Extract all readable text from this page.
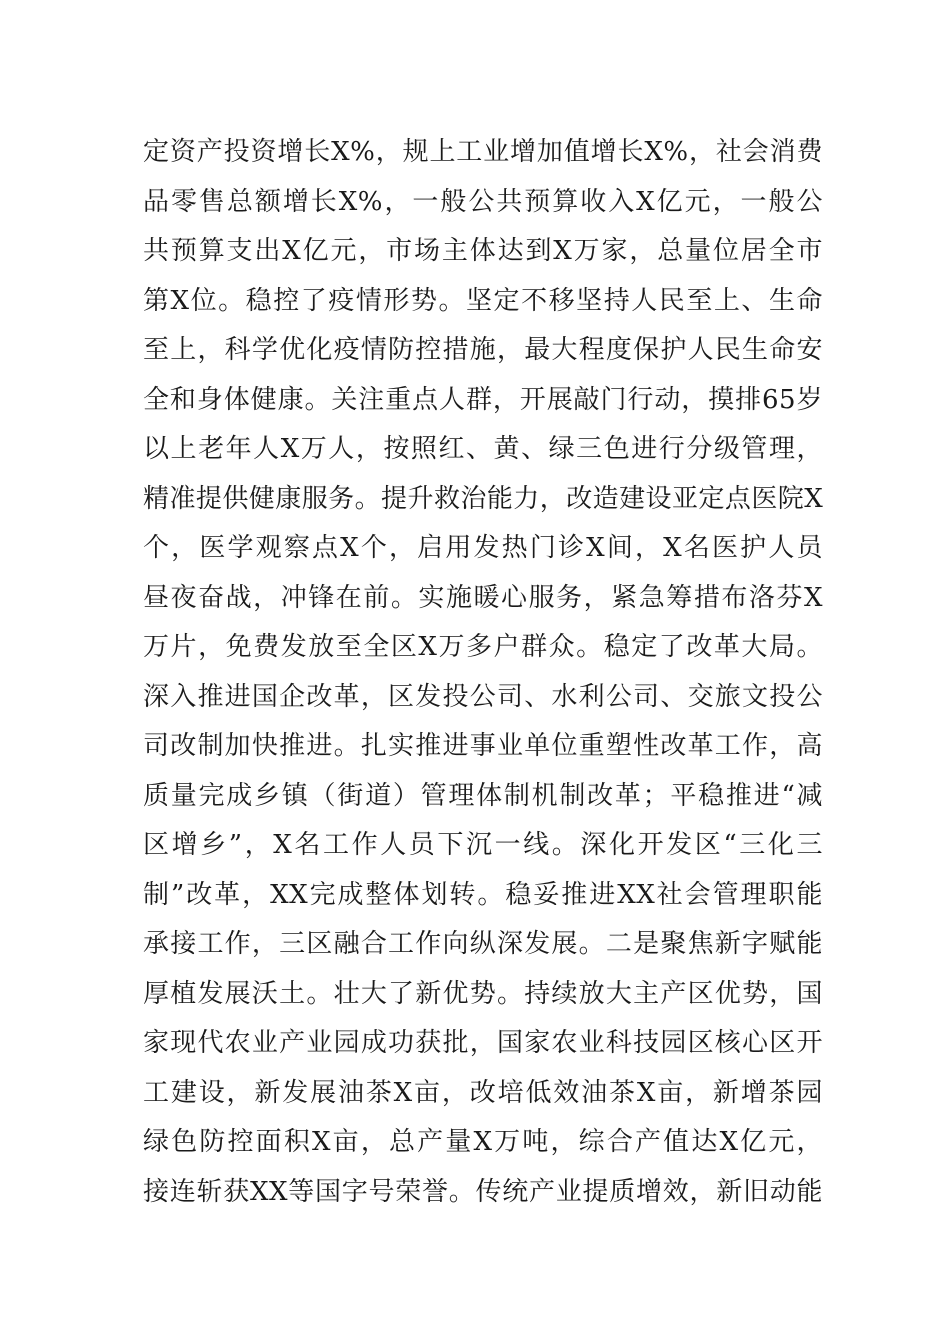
定资产投资增长X%，规上工业增加值增长X%，社会消费
品零售总额增长X%，一般公共预算收入X亿元，一般公
共预算支出X亿元，市场主体达到X万家，总量位居全市
第X位。稳控了疫情形势。坚定不移坚持人民至上、生命
至上，科学优化疫情防控措施，最大程度保护人民生命安
全和身体健康。关注重点人群，开展敲门行动，摸排65岁
以上老年人X万人，按照红、黄、绿三色进行分级管理，
精准提供健康服务。提升救治能力，改造建设亚定点医院X
个，医学观察点X个，启用发热门诊X间，X名医护人员
昼夜奋战，冲锋在前。实施暖心服务，紧急筹措布洛芬X
万片，免费发放至全区X万多户群众。稳定了改革大局。
深入推进国企改革，区发投公司、水利公司、交旅文投公
司改制加快推进。扎实推进事业单位重塑性改革工作，高
质量完成乡镇（街道）管理体制机制改革；平稳推进“减
区增乡”，X名工作人员下沉一线。深化开发区“三化三
制”改革，XX完成整体划转。稳妥推进XX社会管理职能
承接工作，三区融合工作向纵深发展。二是聚焦新字赋能
厚植发展沃土。壮大了新优势。持续放大主产区优势，国
家现代农业产业园成功获批，国家农业科技园区核心区开
工建设，新发展油茶X亩，改培低效油茶X亩，新增茶园
绿色防控面积X亩，总产量X万吨，综合产值达X亿元，
接连斩获XX等国字号荣誉。传统产业提质增效，新旧动能
